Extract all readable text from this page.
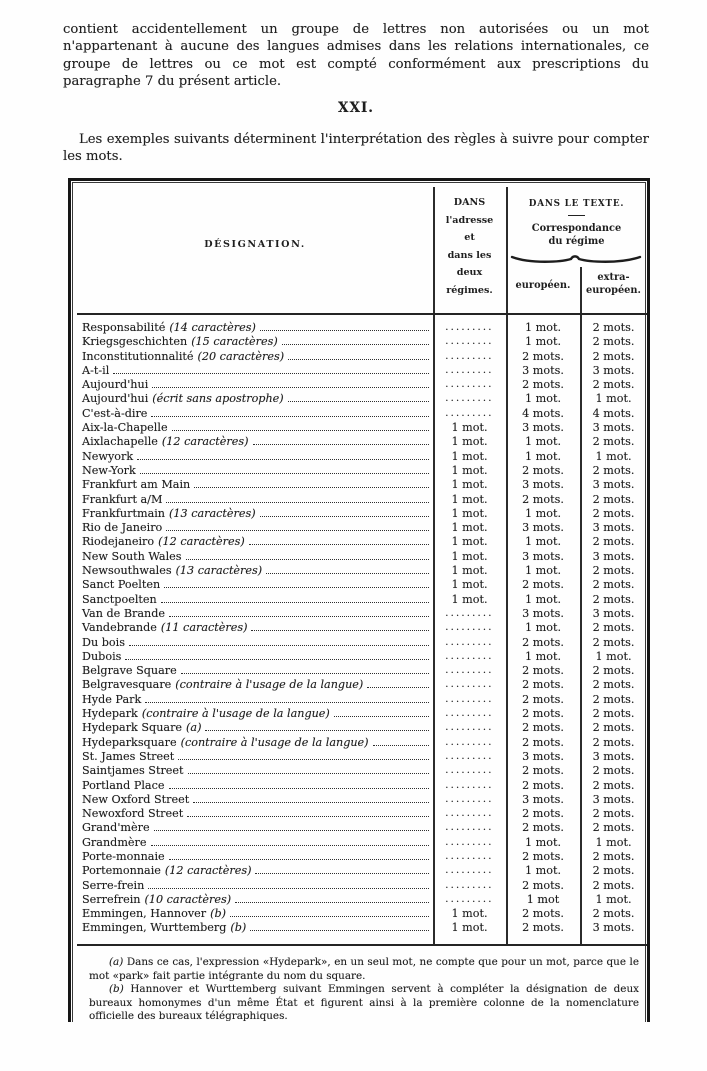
contient accidentellement un groupe de lettres non autorisées ou un mot n'appartenant à aucune des langues admises dans les relations internationales, ce groupe de lettres ou ce mot est compté conformément aux prescriptions du paragraphe 7 du présent article.

XXI.

Les exemples suivants déterminent l'interprétation des règles à suivre pour compter les mots.

DÉSIGNATION.
DANS
l'adresse
et
dans les
deux
régimes.
DANS LE TEXTE.
Correspondance
du régime
européen.
extra-
européen.
Responsabilité (14 caractères)	.........	1 mot.	2 mots.
Kriegsgeschichten (15 caractères)	.........	1 mot.	2 mots.
Inconstitutionnalité (20 caractères)	.........	2 mots.	2 mots.
A-t-il	.........	3 mots.	3 mots.
Aujourd'hui	.........	2 mots.	2 mots.
Aujourd'hui (écrit sans apostrophe)	.........	1 mot.	1 mot.
C'est-à-dire	.........	4 mots.	4 mots.
Aix-la-Chapelle	1 mot.	3 mots.	3 mots.
Aixlachapelle (12 caractères)	1 mot.	1 mot.	2 mots.
Newyork	1 mot.	1 mot.	1 mot.
New-York	1 mot.	2 mots.	2 mots.
Frankfurt am Main	1 mot.	3 mots.	3 mots.
Frankfurt a/M	1 mot.	2 mots.	2 mots.
Frankfurtmain (13 caractères)	1 mot.	1 mot.	2 mots.
Rio de Janeiro	1 mot.	3 mots.	3 mots.
Riodejaneiro (12 caractères)	1 mot.	1 mot.	2 mots.
New South Wales	1 mot.	3 mots.	3 mots.
Newsouthwales (13 caractères)	1 mot.	1 mot.	2 mots.
Sanct Poelten	1 mot.	2 mots.	2 mots.
Sanctpoelten	1 mot.	1 mot.	2 mots.
Van de Brande	.........	3 mots.	3 mots.
Vandebrande (11 caractères)	.........	1 mot.	2 mots.
Du bois	.........	2 mots.	2 mots.
Dubois	.........	1 mot.	1 mot.
Belgrave Square	.........	2 mots.	2 mots.
Belgravesquare (contraire à l'usage de la langue)	.........	2 mots.	2 mots.
Hyde Park	.........	2 mots.	2 mots.
Hydepark (contraire à l'usage de la langue)	.........	2 mots.	2 mots.
Hydepark Square (a)	.........	2 mots.	2 mots.
Hydeparksquare (contraire à l'usage de la langue)	.........	2 mots.	2 mots.
St. James Street	.........	3 mots.	3 mots.
Saintjames Street	.........	2 mots.	2 mots.
Portland Place	.........	2 mots.	2 mots.
New Oxford Street	.........	3 mots.	3 mots.
Newoxford Street	.........	2 mots.	2 mots.
Grand'mère	.........	2 mots.	2 mots.
Grandmère	.........	1 mot.	1 mot.
Porte-monnaie	.........	2 mots.	2 mots.
Portemonnaie (12 caractères)	.........	1 mot.	2 mots.
Serre-frein	.........	2 mots.	2 mots.
Serrefrein (10 caractères)	.........	1 mot	1 mot.
Emmingen, Hannover (b)	1 mot.	2 mots.	2 mots.
Emmingen, Wurttemberg (b)	1 mot.	2 mots.	3 mots.

(a) Dans ce cas, l'expression «Hydepark», en un seul mot, ne compte que pour un mot, parce que le mot «park» fait partie intégrante du nom du square.

(b) Hannover et Wurttemberg suivant Emmingen servent à compléter la désignation de deux bureaux homonymes d'un même État et figurent ainsi à la première colonne de la nomenclature officielle des bureaux télégraphiques.
